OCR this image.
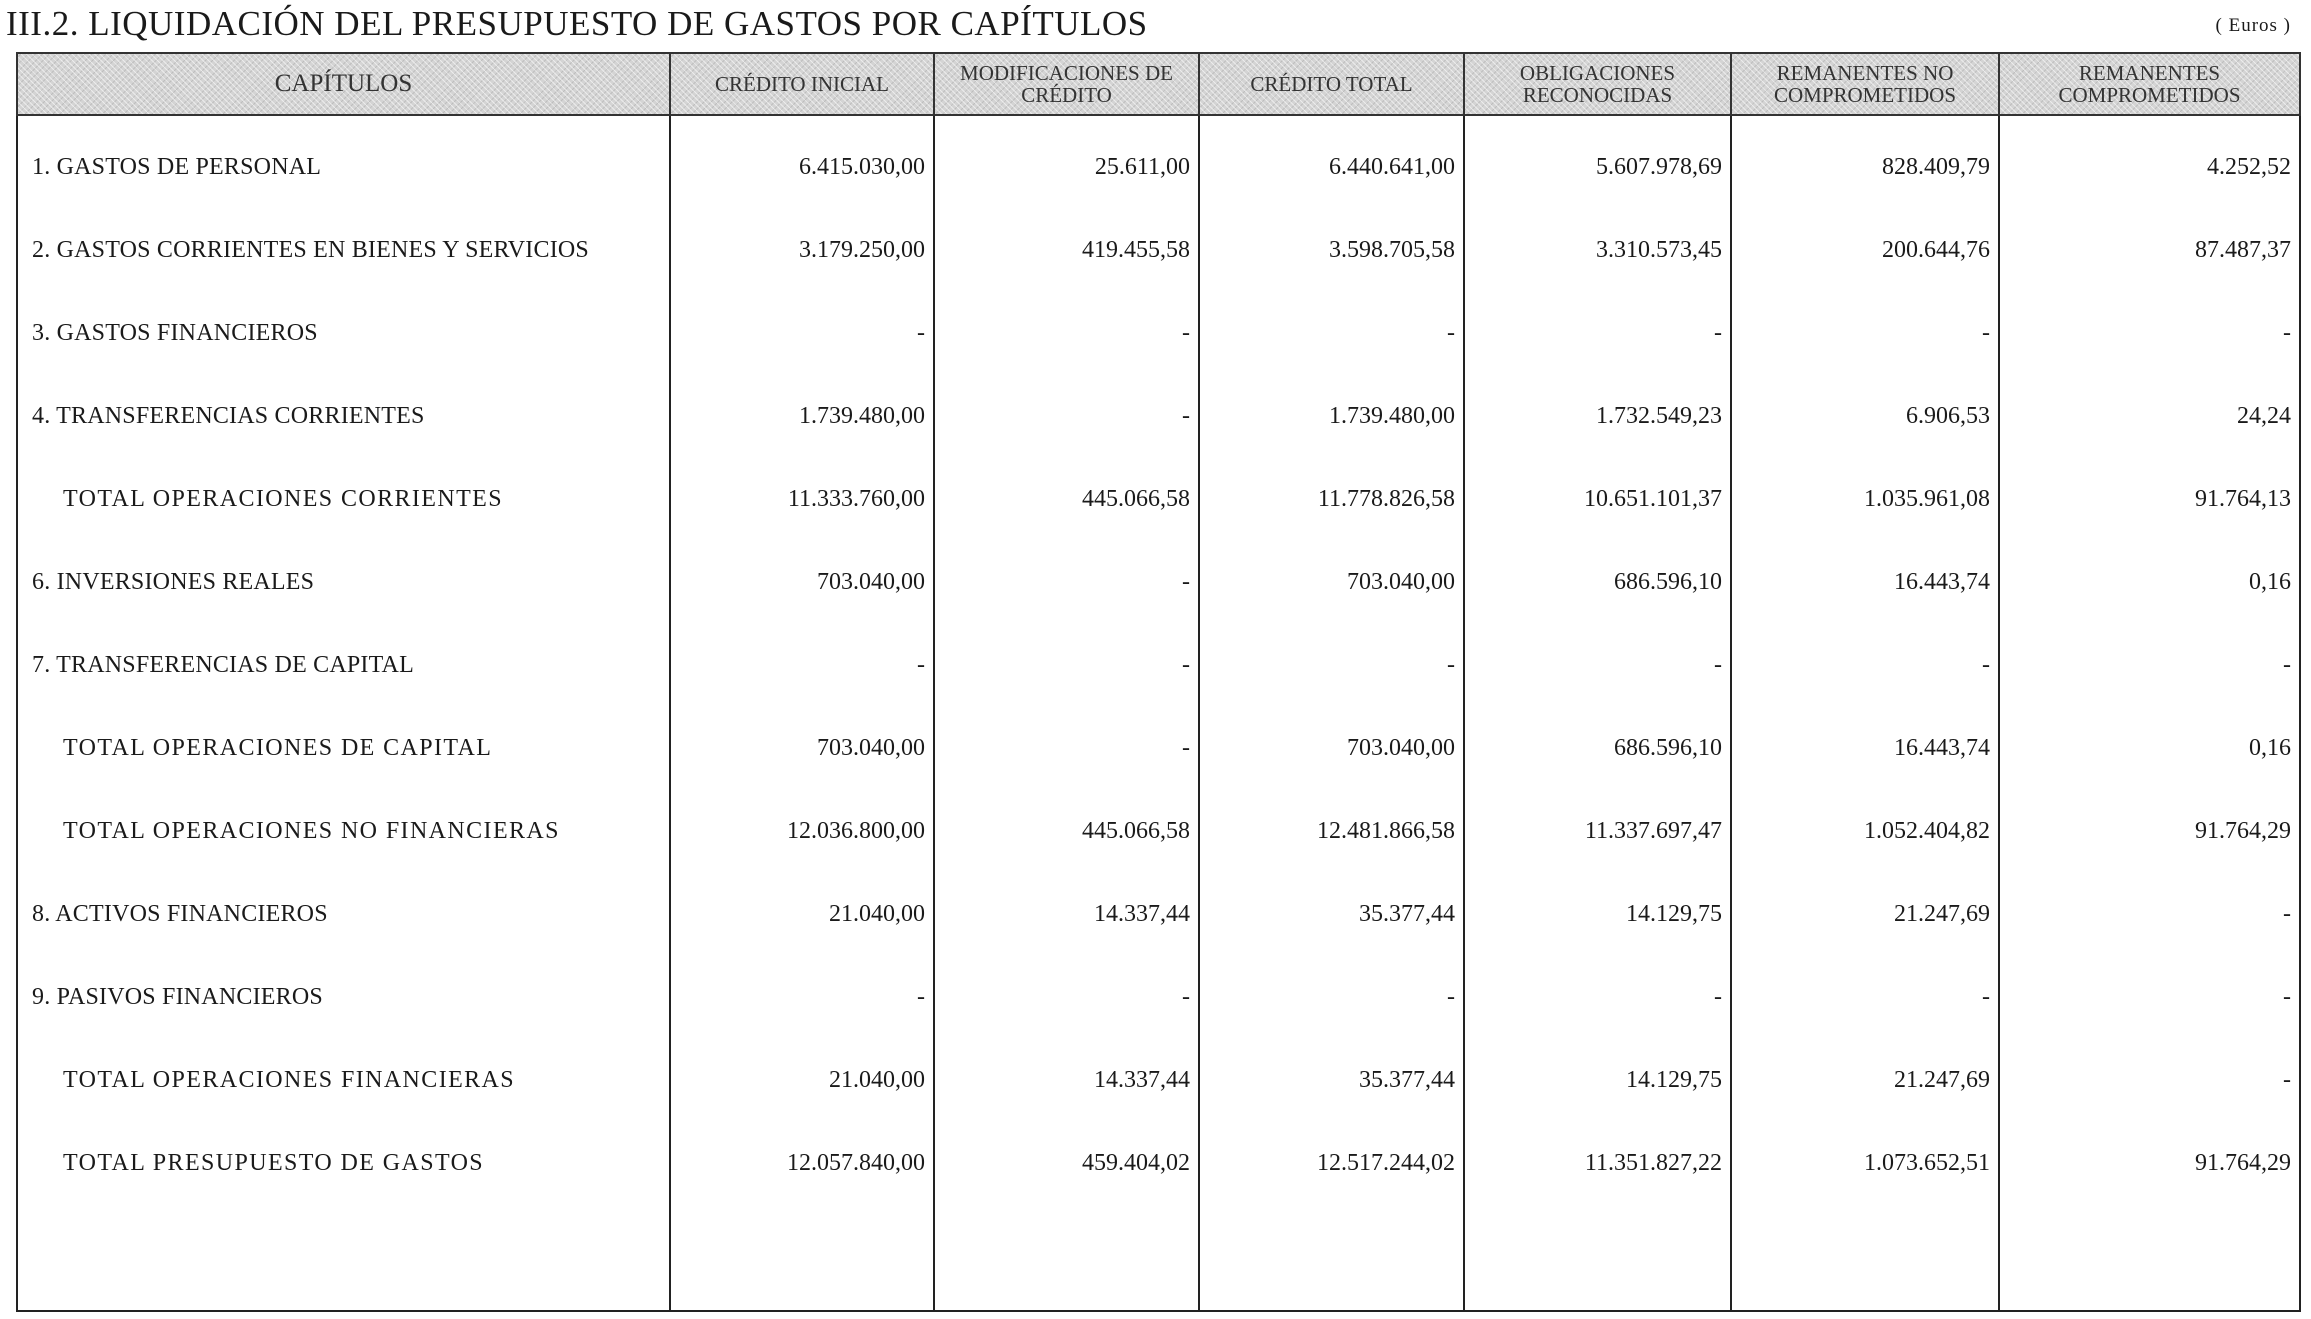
III.2. LIQUIDACIÓN DEL PRESUPUESTO DE GASTOS POR CAPÍTULOS	( Euros )
CAPÍTULOS	CRÉDITO INICIAL	MODIFICACIONES DE CRÉDITO	CRÉDITO TOTAL	OBLIGACIONES RECONOCIDAS	REMANENTES NO COMPROMETIDOS	REMANENTES COMPROMETIDOS
1. GASTOS DE PERSONAL	6.415.030,00	25.611,00	6.440.641,00	5.607.978,69	828.409,79	4.252,52
2. GASTOS CORRIENTES EN BIENES Y SERVICIOS	3.179.250,00	419.455,58	3.598.705,58	3.310.573,45	200.644,76	87.487,37
3. GASTOS FINANCIEROS	-	-	-	-	-	-
4. TRANSFERENCIAS CORRIENTES	1.739.480,00	-	1.739.480,00	1.732.549,23	6.906,53	24,24
TOTAL OPERACIONES CORRIENTES	11.333.760,00	445.066,58	11.778.826,58	10.651.101,37	1.035.961,08	91.764,13
6. INVERSIONES REALES	703.040,00	-	703.040,00	686.596,10	16.443,74	0,16
7. TRANSFERENCIAS DE CAPITAL	-	-	-	-	-	-
TOTAL OPERACIONES DE CAPITAL	703.040,00	-	703.040,00	686.596,10	16.443,74	0,16
TOTAL OPERACIONES NO FINANCIERAS	12.036.800,00	445.066,58	12.481.866,58	11.337.697,47	1.052.404,82	91.764,29
8. ACTIVOS FINANCIEROS	21.040,00	14.337,44	35.377,44	14.129,75	21.247,69	-
9. PASIVOS FINANCIEROS	-	-	-	-	-	-
TOTAL OPERACIONES FINANCIERAS	21.040,00	14.337,44	35.377,44	14.129,75	21.247,69	-
TOTAL PRESUPUESTO DE GASTOS	12.057.840,00	459.404,02	12.517.244,02	11.351.827,22	1.073.652,51	91.764,29
